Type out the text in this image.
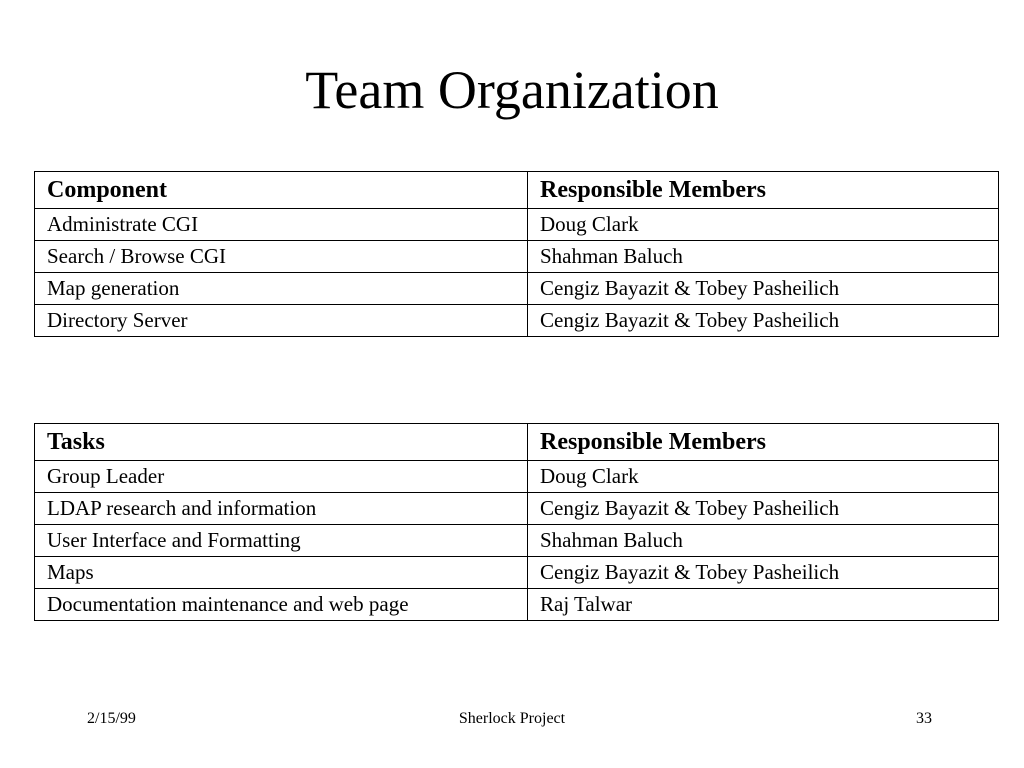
Team Organization
Component	Responsible Members
Administrate CGI	Doug Clark
Search / Browse CGI	Shahman Baluch
Map generation	Cengiz Bayazit & Tobey Pasheilich
Directory Server	Cengiz Bayazit & Tobey Pasheilich
Tasks	Responsible Members
Group Leader	Doug Clark
LDAP research and information	Cengiz Bayazit & Tobey Pasheilich
User Interface and Formatting	Shahman Baluch
Maps	Cengiz Bayazit & Tobey Pasheilich
Documentation maintenance and web page	Raj Talwar
2/15/99	Sherlock Project	33
